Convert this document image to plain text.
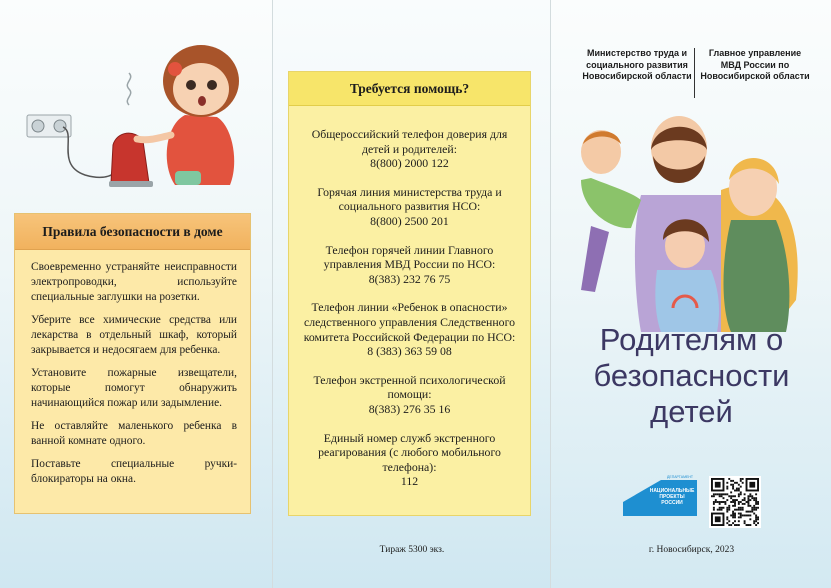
Правила безопасности в доме

Своевременно устраняйте неисправности электропроводки, используйте специальные заглушки на розетки.

Уберите все химические средства или лекарства в отдельный шкаф, который закрывается и недосягаем для ребенка.

Установите пожарные извещатели, которые помогут обнаружить начинающийся пожар или задымление.

Не оставляйте маленького ребенка в ванной комнате одного.

Поставьте специальные ручки-блокираторы на окна.

Требуется помощь?
Общероссийский телефон доверия для детей и родителей:
8(800) 2000 122
Горячая линия министерства труда и социального развития НСО:
8(800) 2500 201
Телефон горячей линии Главного управления МВД России по НСО:
8(383) 232 76 75
Телефон линии «Ребенок в опасности» следственного управления Следственного комитета Российской Федерации по НСО:
8 (383) 363 59 08
Телефон экстренной психологической помощи:
8(383) 276 35 16
Единый номер служб экстренного реагирования (с любого мобильного телефона):
112
Тираж 5300 экз.
Министерство труда и социального развития Новосибирской области
Главное управление МВД России по Новосибирской области
Родителям о безопасности детей
ДЕПАРТАМЕНТ
НАЦИОНАЛЬНЫЕ ПРОЕКТЫ РОССИИ
г. Новосибирск, 2023
